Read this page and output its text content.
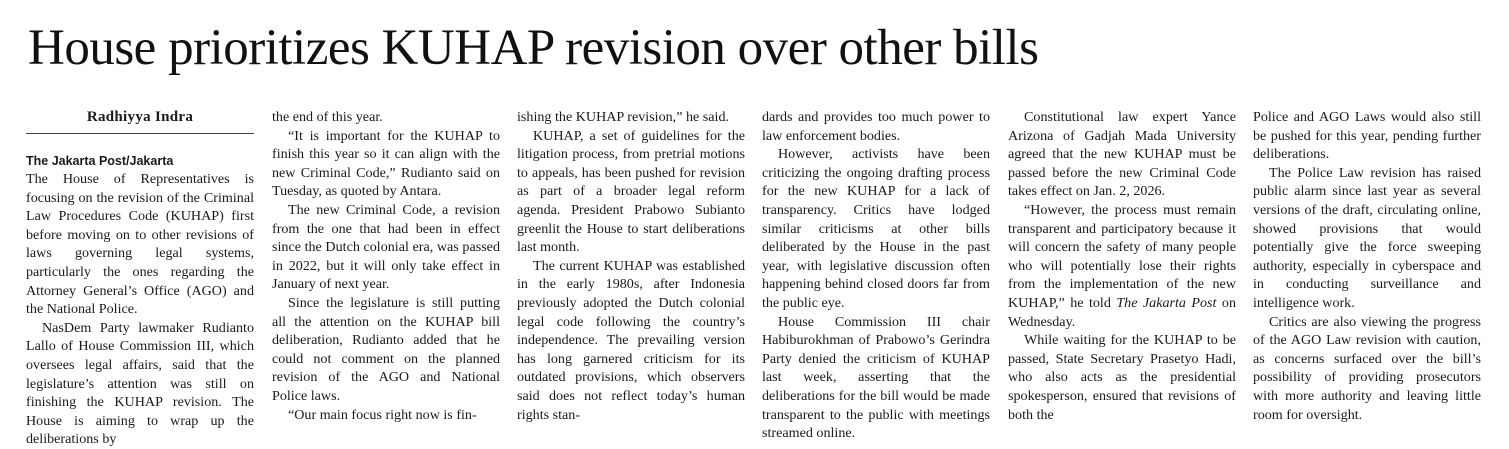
House prioritizes KUHAP revision over other bills
Radhiyya Indra
The Jakarta Post/Jakarta

The House of Representatives is focusing on the revision of the Criminal Law Procedures Code (KUHAP) first before moving on to other revisions of laws governing legal systems, particularly the ones regarding the Attorney General’s Office (AGO) and the National Police.

NasDem Party lawmaker Rudianto Lallo of House Commission III, which oversees legal affairs, said that the legislature’s attention was still on finishing the KUHAP revision. The House is aiming to wrap up the deliberations by

the end of this year.

“It is important for the KUHAP to finish this year so it can align with the new Criminal Code,” Rudianto said on Tuesday, as quoted by Antara.

The new Criminal Code, a revision from the one that had been in effect since the Dutch colonial era, was passed in 2022, but it will only take effect in January of next year.

Since the legislature is still putting all the attention on the KUHAP bill deliberation, Rudianto added that he could not comment on the planned revision of the AGO and National Police laws.

“Our main focus right now is fin-

ishing the KUHAP revision,” he said.

KUHAP, a set of guidelines for the litigation process, from pretrial motions to appeals, has been pushed for revision as part of a broader legal reform agenda. President Prabowo Subianto greenlit the House to start deliberations last month.

The current KUHAP was established in the early 1980s, after Indonesia previously adopted the Dutch colonial legal code following the country’s independence. The prevailing version has long garnered criticism for its outdated provisions, which observers said does not reflect today’s human rights stan-

dards and provides too much power to law enforcement bodies.

However, activists have been criticizing the ongoing drafting process for the new KUHAP for a lack of transparency. Critics have lodged similar criticisms at other bills deliberated by the House in the past year, with legislative discussion often happening behind closed doors far from the public eye.

House Commission III chair Habiburokhman of Prabowo’s Gerindra Party denied the criticism of KUHAP last week, asserting that the deliberations for the bill would be made transparent to the public with meetings streamed online.

Constitutional law expert Yance Arizona of Gadjah Mada University agreed that the new KUHAP must be passed before the new Criminal Code takes effect on Jan. 2, 2026.

“However, the process must remain transparent and participatory because it will concern the safety of many people who will potentially lose their rights from the implementation of the new KUHAP,” he told The Jakarta Post on Wednesday.

While waiting for the KUHAP to be passed, State Secretary Prasetyo Hadi, who also acts as the presidential spokesperson, ensured that revisions of both the

Police and AGO Laws would also still be pushed for this year, pending further deliberations.

The Police Law revision has raised public alarm since last year as several versions of the draft, circulating online, showed provisions that would potentially give the force sweeping authority, especially in cyberspace and in conducting surveillance and intelligence work.

Critics are also viewing the progress of the AGO Law revision with caution, as concerns surfaced over the bill’s possibility of providing prosecutors with more authority and leaving little room for oversight.
